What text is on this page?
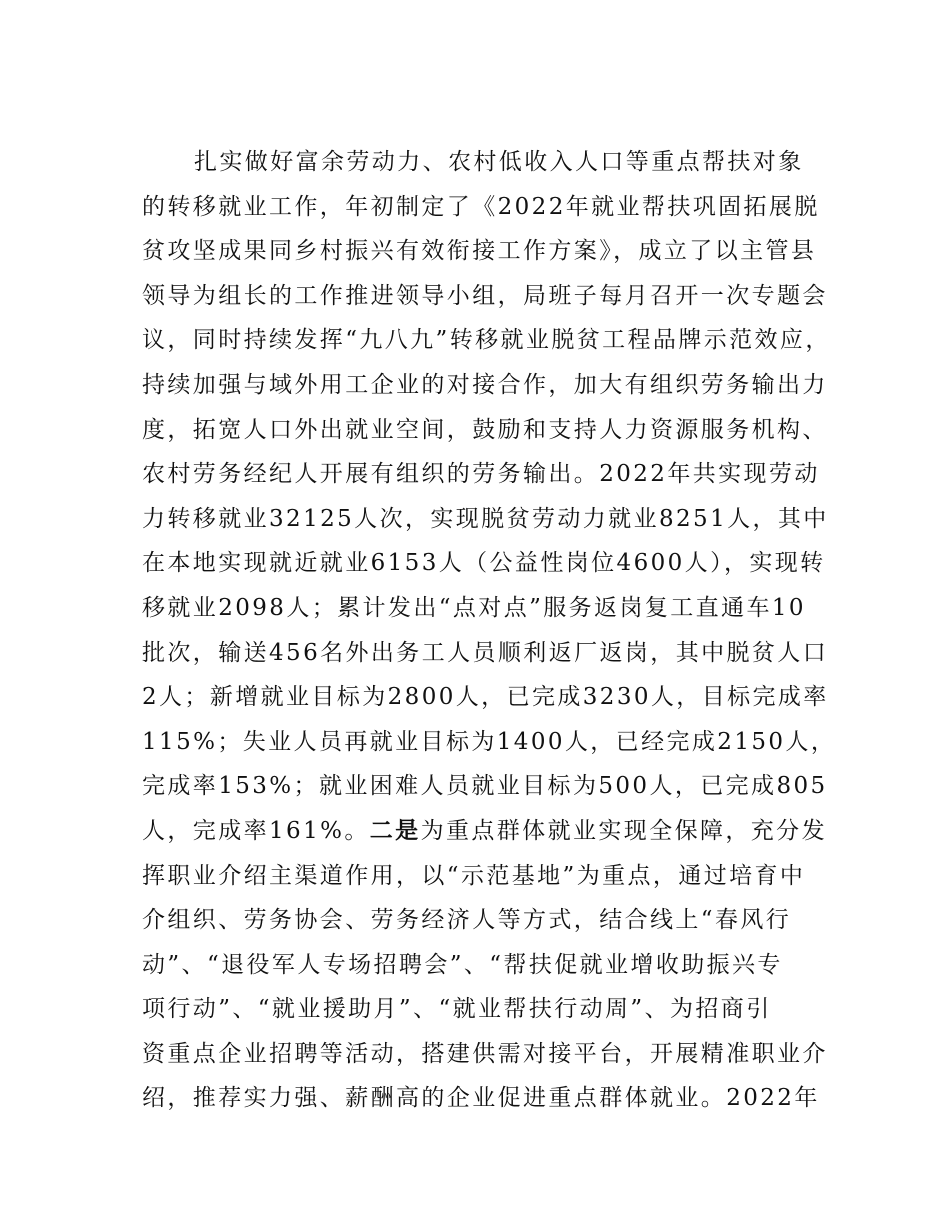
扎实做好富余劳动力、农村低收入人口等重点帮扶对象
的转移就业工作，年初制定了《2022年就业帮扶巩固拓展脱
贫攻坚成果同乡村振兴有效衔接工作方案》，成立了以主管县
领导为组长的工作推进领导小组，局班子每月召开一次专题会
议，同时持续发挥“九八九”转移就业脱贫工程品牌示范效应，
持续加强与域外用工企业的对接合作，加大有组织劳务输出力
度，拓宽人口外出就业空间，鼓励和支持人力资源服务机构、
农村劳务经纪人开展有组织的劳务输出。2022年共实现劳动
力转移就业32125人次，实现脱贫劳动力就业8251人，其中
在本地实现就近就业6153人（公益性岗位4600人），实现转
移就业2098人；累计发出“点对点”服务返岗复工直通车10
批次，输送456名外出务工人员顺利返厂返岗，其中脱贫人口
2人；新增就业目标为2800人，已完成3230人，目标完成率
115%；失业人员再就业目标为1400人，已经完成2150人，
完成率153%；就业困难人员就业目标为500人，已完成805
人，完成率161%。二是为重点群体就业实现全保障，充分发
挥职业介绍主渠道作用，以“示范基地”为重点，通过培育中
介组织、劳务协会、劳务经济人等方式，结合线上“春风行
动”、“退役军人专场招聘会”、“帮扶促就业增收助振兴专
项行动”、“就业援助月”、“就业帮扶行动周”、为招商引
资重点企业招聘等活动，搭建供需对接平台，开展精准职业介
绍，推荐实力强、薪酬高的企业促进重点群体就业。2022年
